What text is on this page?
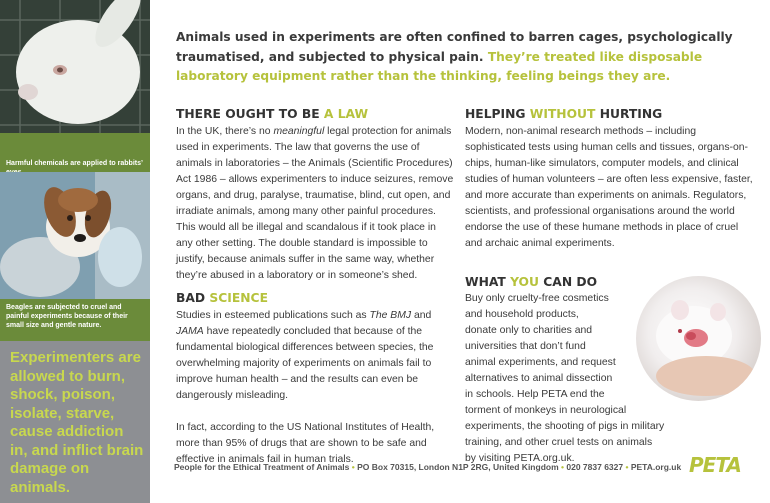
Harmful chemicals are applied to rabbits’
Beagles are subjected to cruel and painful experiments because of their small size and gentle nature.
Experimenters are allowed to burn, shock, poison, isolate, starve, cause addiction in, and inflict brain damage on animals.
Animals used in experiments are often confined to barren cages, psychologically traumatised, and subjected to physical pain. They’re treated like disposable laboratory equipment rather than the thinking, feeling beings they are.
THERE OUGHT TO BE A LAW

In the UK, there’s no meaningful legal protection for animals used in experiments. The law that governs the use of animals in laboratories – the Animals (Scientific Procedures) Act 1986 – allows experimenters to induce seizures, remove organs, and drug, paralyse, traumatise, blind, cut open, and irradiate animals, among many other painful procedures. This would all be illegal and scandalous if it took place in any other setting. The double standard is impossible to justify, because animals suffer in the same way, whether they’re abused in a laboratory or in someone’s shed.

BAD SCIENCE

Studies in esteemed publications such as The BMJ and JAMA have repeatedly concluded that because of the fundamental biological differences between species, the overwhelming majority of experiments on animals fail to improve human health – and the results can even be dangerously misleading.

In fact, according to the US National Institutes of Health, more than 95% of drugs that are shown to be safe and effective in animals fail in human trials.

HELPING WITHOUT HURTING
Modern, non-animal research methods – including sophisticated tests using human cells and tissues, organs-on-chips, human-like simulators, computer models, and clinical studies of human volunteers – are often less expensive, faster, and more accurate than experiments on animals. Regulators, scientists, and professional organisations around the world endorse the use of these humane methods in place of cruel and archaic animal experiments.
WHAT YOU CAN DO
Buy only cruelty-free cosmetics
and household products,
donate only to charities and
universities that don’t fund
animal experiments, and request
alternatives to animal dissection
in schools. Help PETA end the
torment of monkeys in neurological
experiments, the shooting of pigs in military
training, and other cruel tests on animals
by visiting PETA.org.uk.
People for the Ethical Treatment of Animals • PO Box 70315, London N1P 2RG, United Kingdom • 020 7837 6327 • PETA.org.uk PETA
